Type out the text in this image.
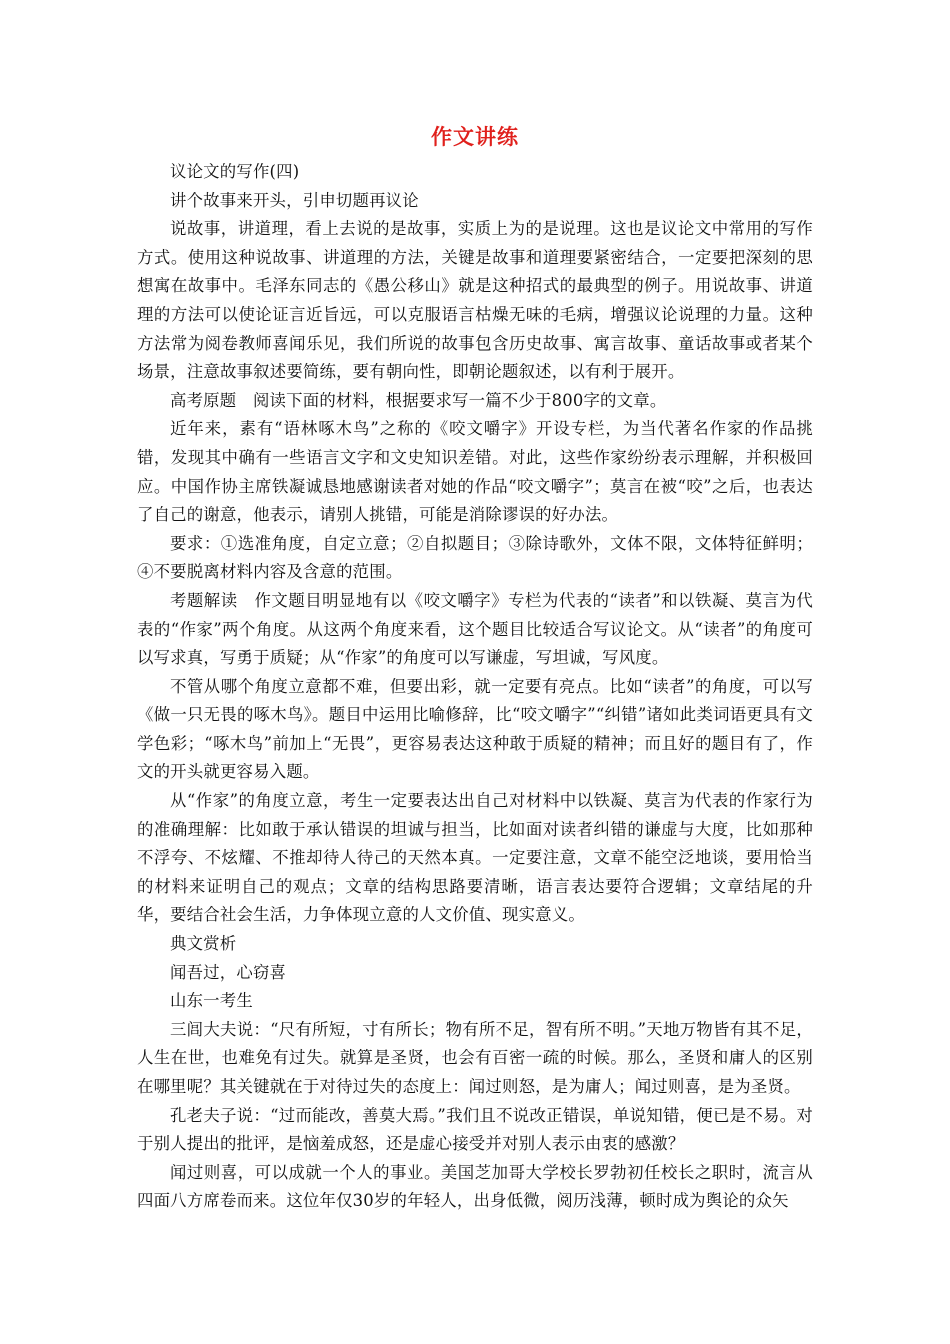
作文讲练

议论文的写作(四)

讲个故事来开头，引申切题再议论

说故事，讲道理，看上去说的是故事，实质上为的是说理。这也是议论文中常用的写作方式。使用这种说故事、讲道理的方法，关键是故事和道理要紧密结合，一定要把深刻的思想寓在故事中。毛泽东同志的《愚公移山》就是这种招式的最典型的例子。用说故事、讲道理的方法可以使论证言近旨远，可以克服语言枯燥无味的毛病，增强议论说理的力量。这种方法常为阅卷教师喜闻乐见，我们所说的故事包含历史故事、寓言故事、童话故事或者某个场景，注意故事叙述要简练，要有朝向性，即朝论题叙述，以有利于展开。

高考原题　阅读下面的材料，根据要求写一篇不少于800字的文章。

近年来，素有“语林啄木鸟”之称的《咬文嚼字》开设专栏，为当代著名作家的作品挑错，发现其中确有一些语言文字和文史知识差错。对此，这些作家纷纷表示理解，并积极回应。中国作协主席铁凝诚恳地感谢读者对她的作品“咬文嚼字”；莫言在被“咬”之后，也表达了自己的谢意，他表示，请别人挑错，可能是消除谬误的好办法。

要求：①选准角度，自定立意；②自拟题目；③除诗歌外，文体不限，文体特征鲜明；④不要脱离材料内容及含意的范围。

考题解读　作文题目明显地有以《咬文嚼字》专栏为代表的“读者”和以铁凝、莫言为代表的“作家”两个角度。从这两个角度来看，这个题目比较适合写议论文。从“读者”的角度可以写求真，写勇于质疑；从“作家”的角度可以写谦虚，写坦诚，写风度。

不管从哪个角度立意都不难，但要出彩，就一定要有亮点。比如“读者”的角度，可以写《做一只无畏的啄木鸟》。题目中运用比喻修辞，比“咬文嚼字”“纠错”诸如此类词语更具有文学色彩；“啄木鸟”前加上“无畏”，更容易表达这种敢于质疑的精神；而且好的题目有了，作文的开头就更容易入题。

从“作家”的角度立意，考生一定要表达出自己对材料中以铁凝、莫言为代表的作家行为的准确理解：比如敢于承认错误的坦诚与担当，比如面对读者纠错的谦虚与大度，比如那种不浮夸、不炫耀、不推却待人待己的天然本真。一定要注意，文章不能空泛地谈，要用恰当的材料来证明自己的观点；文章的结构思路要清晰，语言表达要符合逻辑；文章结尾的升华，要结合社会生活，力争体现立意的人文价值、现实意义。

典文赏析

闻吾过，心窃喜

山东一考生

三闾大夫说：“尺有所短，寸有所长；物有所不足，智有所不明。”天地万物皆有其不足，人生在世，也难免有过失。就算是圣贤，也会有百密一疏的时候。那么，圣贤和庸人的区别在哪里呢？其关键就在于对待过失的态度上：闻过则怒，是为庸人；闻过则喜，是为圣贤。

孔老夫子说：“过而能改，善莫大焉。”我们且不说改正错误，单说知错，便已是不易。对于别人提出的批评，是恼羞成怒，还是虚心接受并对别人表示由衷的感激？

闻过则喜，可以成就一个人的事业。美国芝加哥大学校长罗勃初任校长之职时，流言从四面八方席卷而来。这位年仅30岁的年轻人，出身低微，阅历浅薄，顿时成为舆论的众矢
